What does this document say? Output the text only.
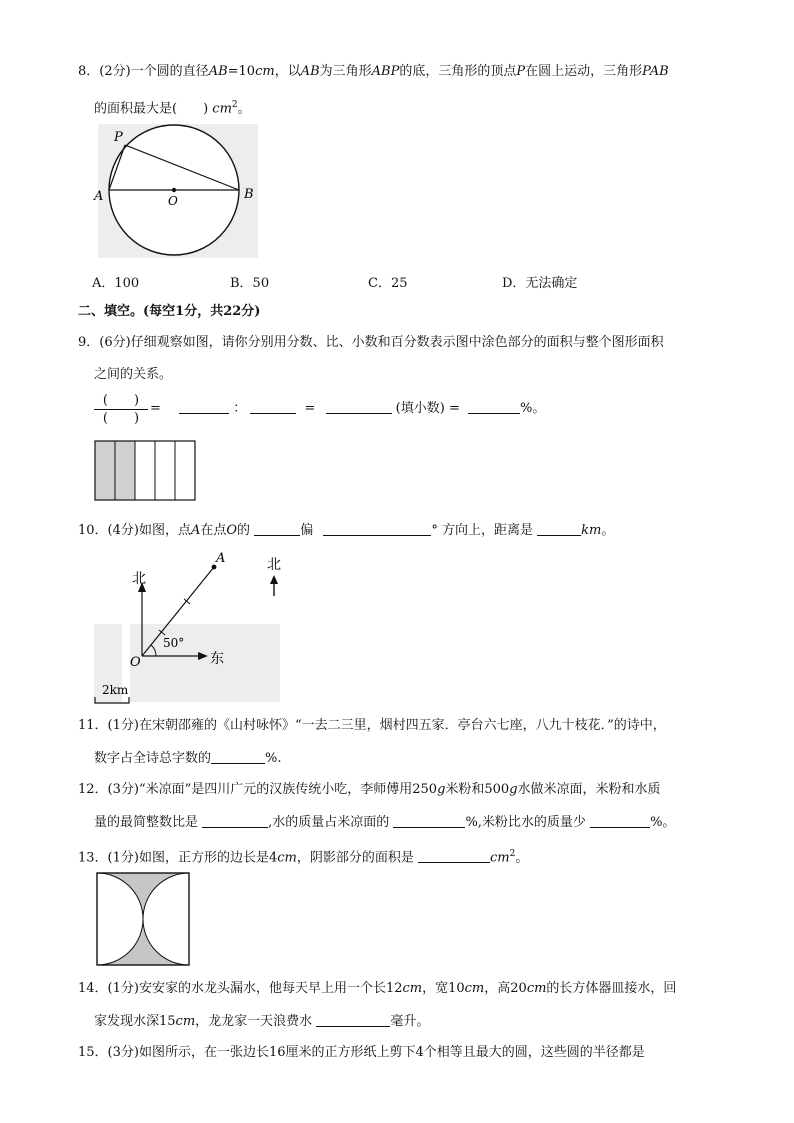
8．(2分)一个圆的直径AB=10cm，以AB为三角形ABP的底，三角形的顶点P在圆上运动，三角形PAB
的面积最大是(　　) $cm^2$。
P
A	O	B
A．100	B．50	C．25	D．无法确定
二、填空。(每空1分，共22分)
9．(6分)仔细观察如图，请你分别用分数、比、小数和百分数表示图中涂色部分的面积与整个图形面积
之间的关系。
(　　)
(　　)
=	：	=	(填小数) =	%。
10．(4分)如图，点A在点O的	偏	° 方向上，距离是	km。
北
东
50°
A
O
北
2km
11．(1分)在宋朝邵雍的《山村咏怀》“一去二三里，烟村四五家．亭台六七座，八九十枝花．”的诗中，
数字占全诗总字数的	%.
12．(3分)“米凉面”是四川广元的汉族传统小吃，李师傅用250g米粉和500g水做米凉面，米粉和水质
量的最简整数比是	,水的质量占米凉面的	%,米粉比水的质量少	%。
13．(1分)如图，正方形的边长是4cm，阴影部分的面积是	$cm^2$。
14．(1分)安安家的水龙头漏水，他每天早上用一个长12cm，宽10cm，高20cm的长方体器皿接水，回
家发现水深15cm，龙龙家一天浪费水	毫升。
15．(3分)如图所示，在一张边长16厘米的正方形纸上剪下4个相等且最大的圆，这些圆的半径都是
